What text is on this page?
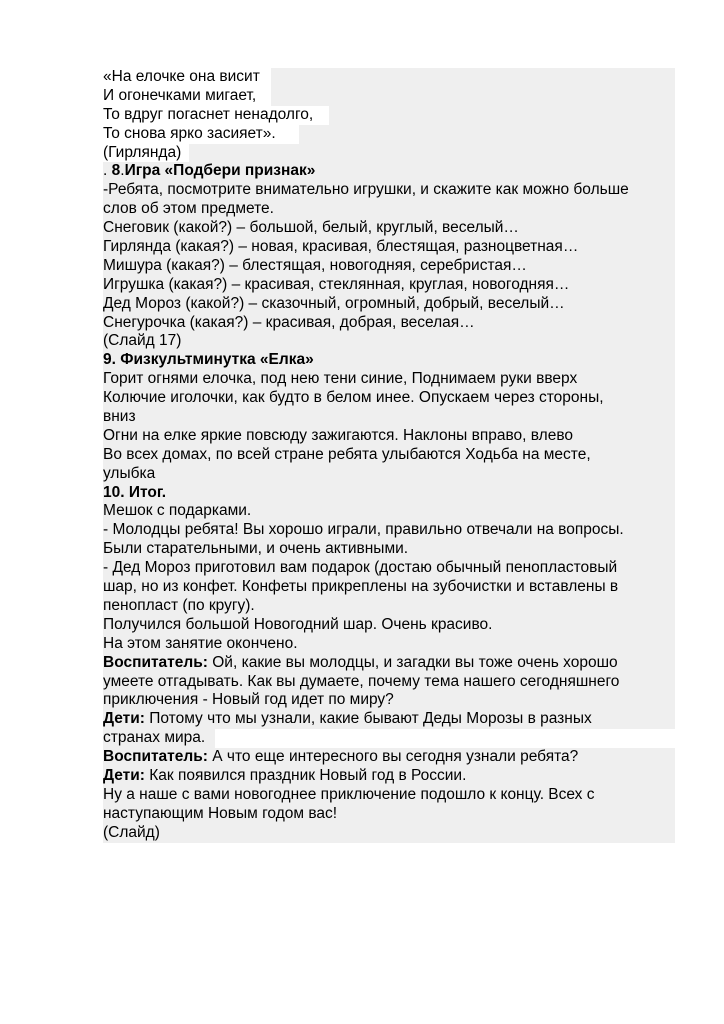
«На елочке она висит
И огонечками мигает,
То вдруг погаснет ненадолго,
То снова ярко засияет».
(Гирлянда)
. 8.Игра «Подбери признак»
-Ребята, посмотрите внимательно игрушки, и скажите как можно больше
слов об этом предмете.
Снеговик (какой?) – большой, белый, круглый, веселый…
Гирлянда (какая?) – новая, красивая, блестящая, разноцветная…
Мишура (какая?) – блестящая, новогодняя, серебристая…
Игрушка (какая?) – красивая, стеклянная, круглая, новогодняя…
Дед Мороз (какой?) – сказочный, огромный, добрый, веселый…
Снегурочка (какая?) – красивая, добрая, веселая…
(Слайд 17)
9. Физкультминутка «Елка»
Горит огнями елочка, под нею тени синие, Поднимаем руки вверх
Колючие иголочки, как будто в белом инее. Опускаем через стороны,
вниз
Огни на елке яркие повсюду зажигаются. Наклоны вправо, влево
Во всех домах, по всей стране ребята улыбаются Ходьба на месте,
улыбка
10. Итог.
Мешок с подарками.
- Молодцы ребята! Вы хорошо играли, правильно отвечали на вопросы.
Были старательными, и очень активными.
- Дед Мороз приготовил вам подарок (достаю обычный пенопластовый
шар, но из конфет. Конфеты прикреплены на зубочистки и вставлены в
пенопласт (по кругу).
Получился большой Новогодний шар. Очень красиво.
На этом занятие окончено.
Воспитатель: Ой, какие вы молодцы, и загадки вы тоже очень хорошо
умеете отгадывать. Как вы думаете, почему тема нашего сегодняшнего
приключения - Новый год идет по миру?
Дети: Потому что мы узнали, какие бывают Деды Морозы в разных
странах мира.
Воспитатель: А что еще интересного вы сегодня узнали ребята?
Дети: Как появился праздник Новый год в России.
Ну а наше с вами новогоднее приключение подошло к концу. Всех с
наступающим Новым годом вас!
(Слайд)
